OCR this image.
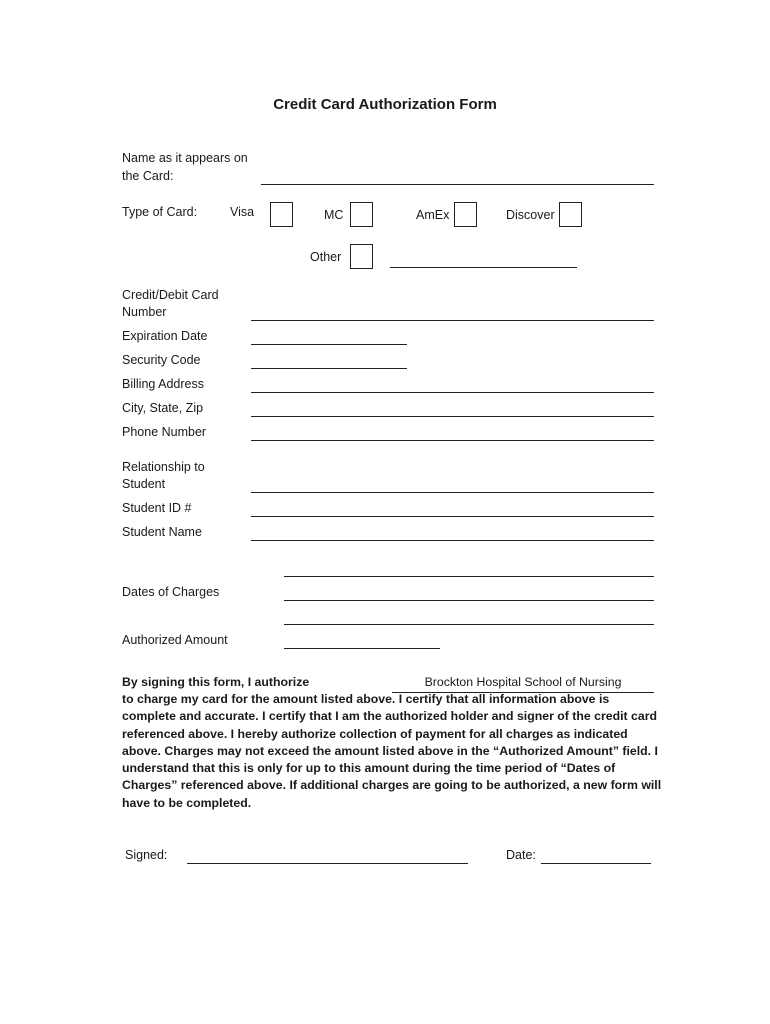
Credit Card Authorization Form
Name as it appears on
the Card:
Type of Card:	Visa	MC	AmEx	Discover
Other
Credit/Debit Card
Number
Expiration Date
Security Code
Billing Address
City, State, Zip
Phone Number
Relationship to
Student
Student ID #
Student Name
Dates of Charges
Authorized Amount
By signing this form, I authorize	Brockton Hospital School of Nursing
to charge my card for the amount listed above. I certify that all information above is complete and accurate. I certify that I am the authorized holder and signer of the credit card referenced above. I hereby authorize collection of payment for all charges as indicated above. Charges may not exceed the amount listed above in the “Authorized Amount” field. I understand that this is only for up to this amount during the time period of “Dates of Charges” referenced above. If additional charges are going to be authorized, a new form will have to be completed.
Signed:	Date:
